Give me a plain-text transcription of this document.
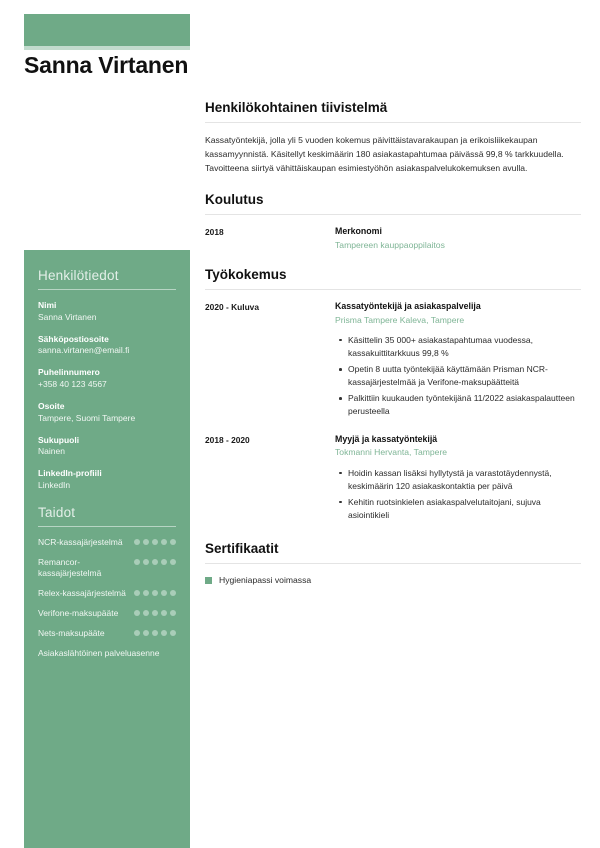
Sanna Virtanen
Henkilötiedot
Nimi
Sanna Virtanen
Sähköpostiosoite
sanna.virtanen@email.fi
Puhelinnumero
+358 40 123 4567
Osoite
Tampere, Suomi Tampere
Sukupuoli
Nainen
LinkedIn-profiili
LinkedIn
Taidot
NCR-kassajärjestelmä
Remancor-kassajärjestelmä
Relex-kassajärjestelmä
Verifone-maksupääte
Nets-maksupääte
Asiakaslähtöinen palveluasenne
Henkilökohtainen tiivistelmä

Kassatyöntekijä, jolla yli 5 vuoden kokemus päivittäistavarakaupan ja erikoisliikekaupan kassamyynnistä. Käsitellyt keskimäärin 180 asiakastapahtumaa päivässä 99,8 % tarkkuudella. Tavoitteena siirtyä vähittäiskaupan esimiestyöhön asiakaspalvelukokemuksen avulla.

Koulutus
2018	Merkonomi
Tampereen kauppaoppilaitos
Työkokemus
2020 - Kuluva	Kassatyöntekijä ja asiakaspalvelija
Prisma Tampere Kaleva, Tampere
Käsittelin 35 000+ asiakastapahtumaa vuodessa, kassakuittitarkkuus 99,8 %
Opetin 8 uutta työntekijää käyttämään Prisman NCR-kassajärjestelmää ja Verifone-maksupäätteitä
Palkittiin kuukauden työntekijänä 11/2022 asiakaspalautteen perusteella
2018 - 2020	Myyjä ja kassatyöntekijä
Tokmanni Hervanta, Tampere
Hoidin kassan lisäksi hyllytystä ja varastotäydennystä, keskimäärin 120 asiakaskontaktia per päivä
Kehitin ruotsinkielen asiakaspalvelutaitojani, sujuva asiointikieli
Sertifikaatit
Hygieniapassi voimassa
